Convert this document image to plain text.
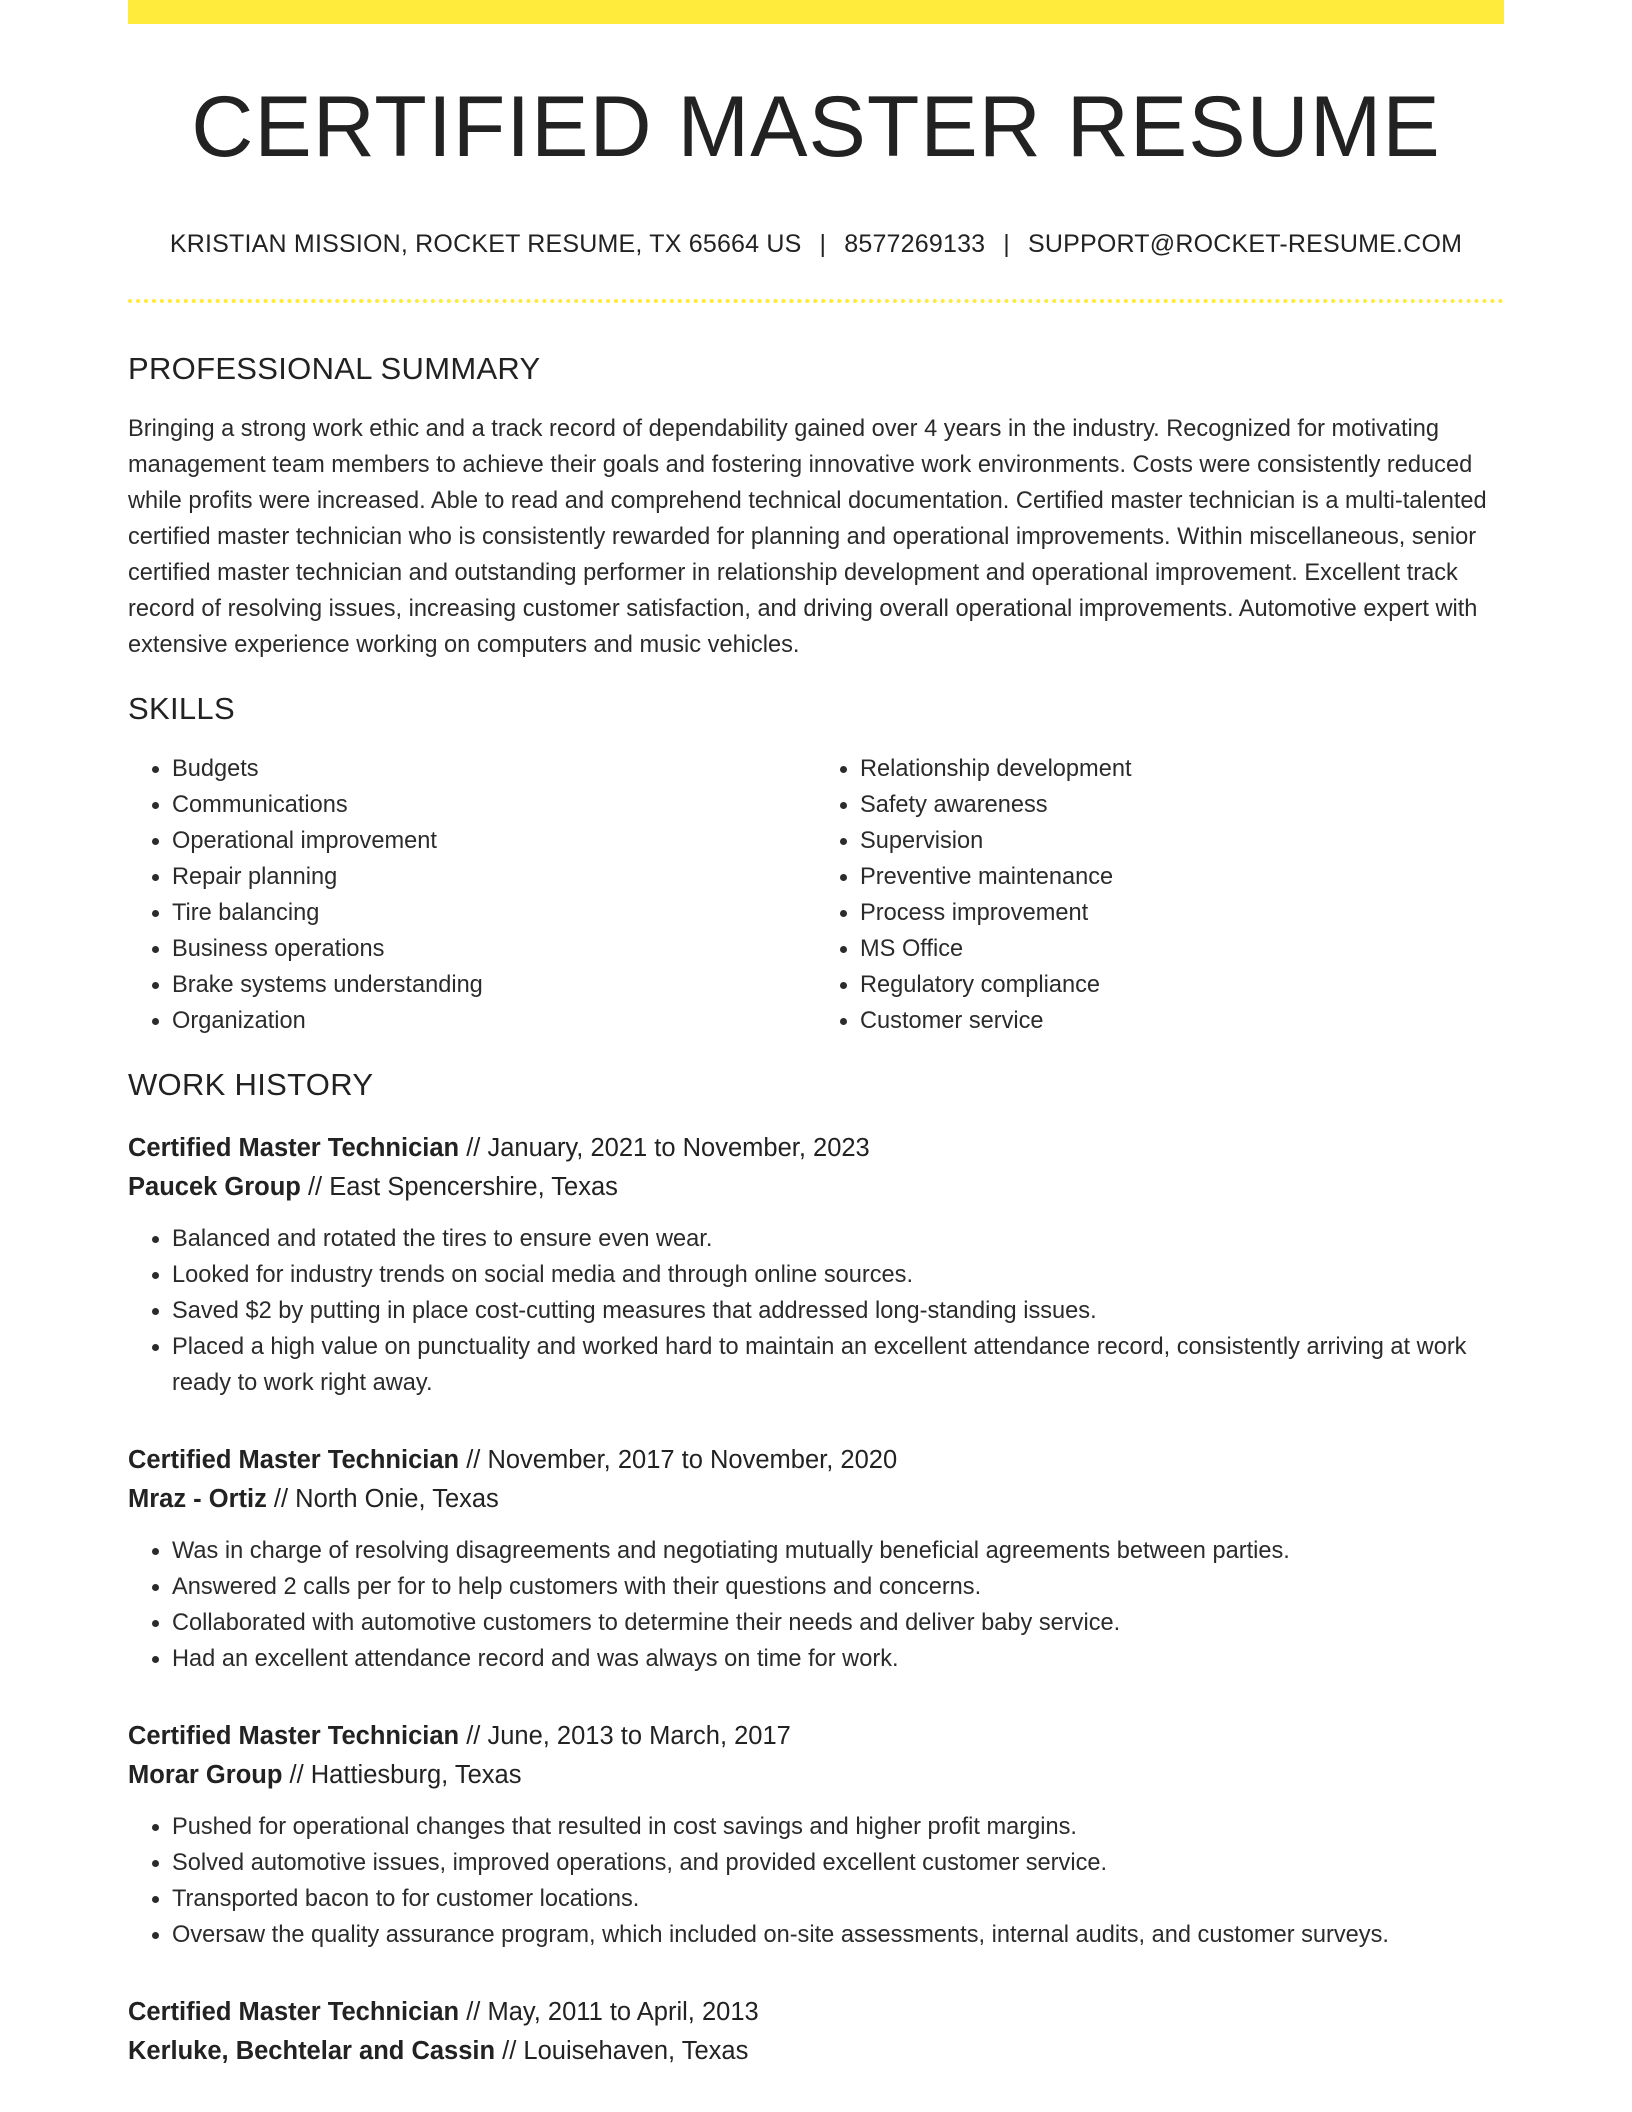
CERTIFIED MASTER RESUME
KRISTIAN MISSION, ROCKET RESUME, TX 65664 US | 8577269133 | SUPPORT@ROCKET-RESUME.COM
PROFESSIONAL SUMMARY

Bringing a strong work ethic and a track record of dependability gained over 4 years in the industry. Recognized for motivating management team members to achieve their goals and fostering innovative work environments. Costs were consistently reduced while profits were increased. Able to read and comprehend technical documentation. Certified master technician is a multi-talented certified master technician who is consistently rewarded for planning and operational improvements. Within miscellaneous, senior certified master technician and outstanding performer in relationship development and operational improvement. Excellent track record of resolving issues, increasing customer satisfaction, and driving overall operational improvements. Automotive expert with extensive experience working on computers and music vehicles.

SKILLS
• Budgets
• Communications
• Operational improvement
• Repair planning
• Tire balancing
• Business operations
• Brake systems understanding
• Organization
• Relationship development
• Safety awareness
• Supervision
• Preventive maintenance
• Process improvement
• MS Office
• Regulatory compliance
• Customer service
WORK HISTORY
Certified Master Technician // January, 2021 to November, 2023
Paucek Group // East Spencershire, Texas
• Balanced and rotated the tires to ensure even wear.
• Looked for industry trends on social media and through online sources.
• Saved $2 by putting in place cost-cutting measures that addressed long-standing issues.
• Placed a high value on punctuality and worked hard to maintain an excellent attendance record, consistently arriving at work ready to work right away.
Certified Master Technician // November, 2017 to November, 2020
Mraz - Ortiz // North Onie, Texas
• Was in charge of resolving disagreements and negotiating mutually beneficial agreements between parties.
• Answered 2 calls per for to help customers with their questions and concerns.
• Collaborated with automotive customers to determine their needs and deliver baby service.
• Had an excellent attendance record and was always on time for work.
Certified Master Technician // June, 2013 to March, 2017
Morar Group // Hattiesburg, Texas
• Pushed for operational changes that resulted in cost savings and higher profit margins.
• Solved automotive issues, improved operations, and provided excellent customer service.
• Transported bacon to for customer locations.
• Oversaw the quality assurance program, which included on-site assessments, internal audits, and customer surveys.
Certified Master Technician // May, 2011 to April, 2013
Kerluke, Bechtelar and Cassin // Louisehaven, Texas
